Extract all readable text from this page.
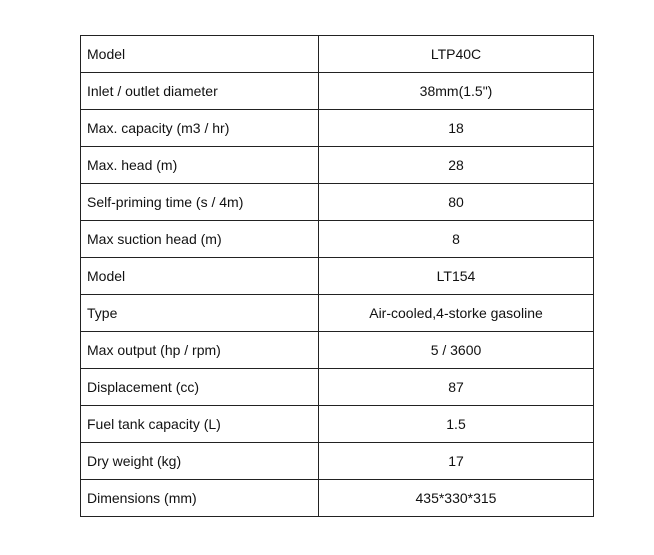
Model	LTP40C
Inlet / outlet diameter	38mm(1.5")
Max. capacity (m3 / hr)	18
Max. head (m)	28
Self-priming time (s / 4m)	80
Max suction head (m)	8
Model	LT154
Type	Air-cooled,4-storke gasoline
Max output (hp / rpm)	5 / 3600
Displacement (cc)	87
Fuel tank capacity (L)	1.5
Dry weight (kg)	17
Dimensions (mm)	435*330*315
